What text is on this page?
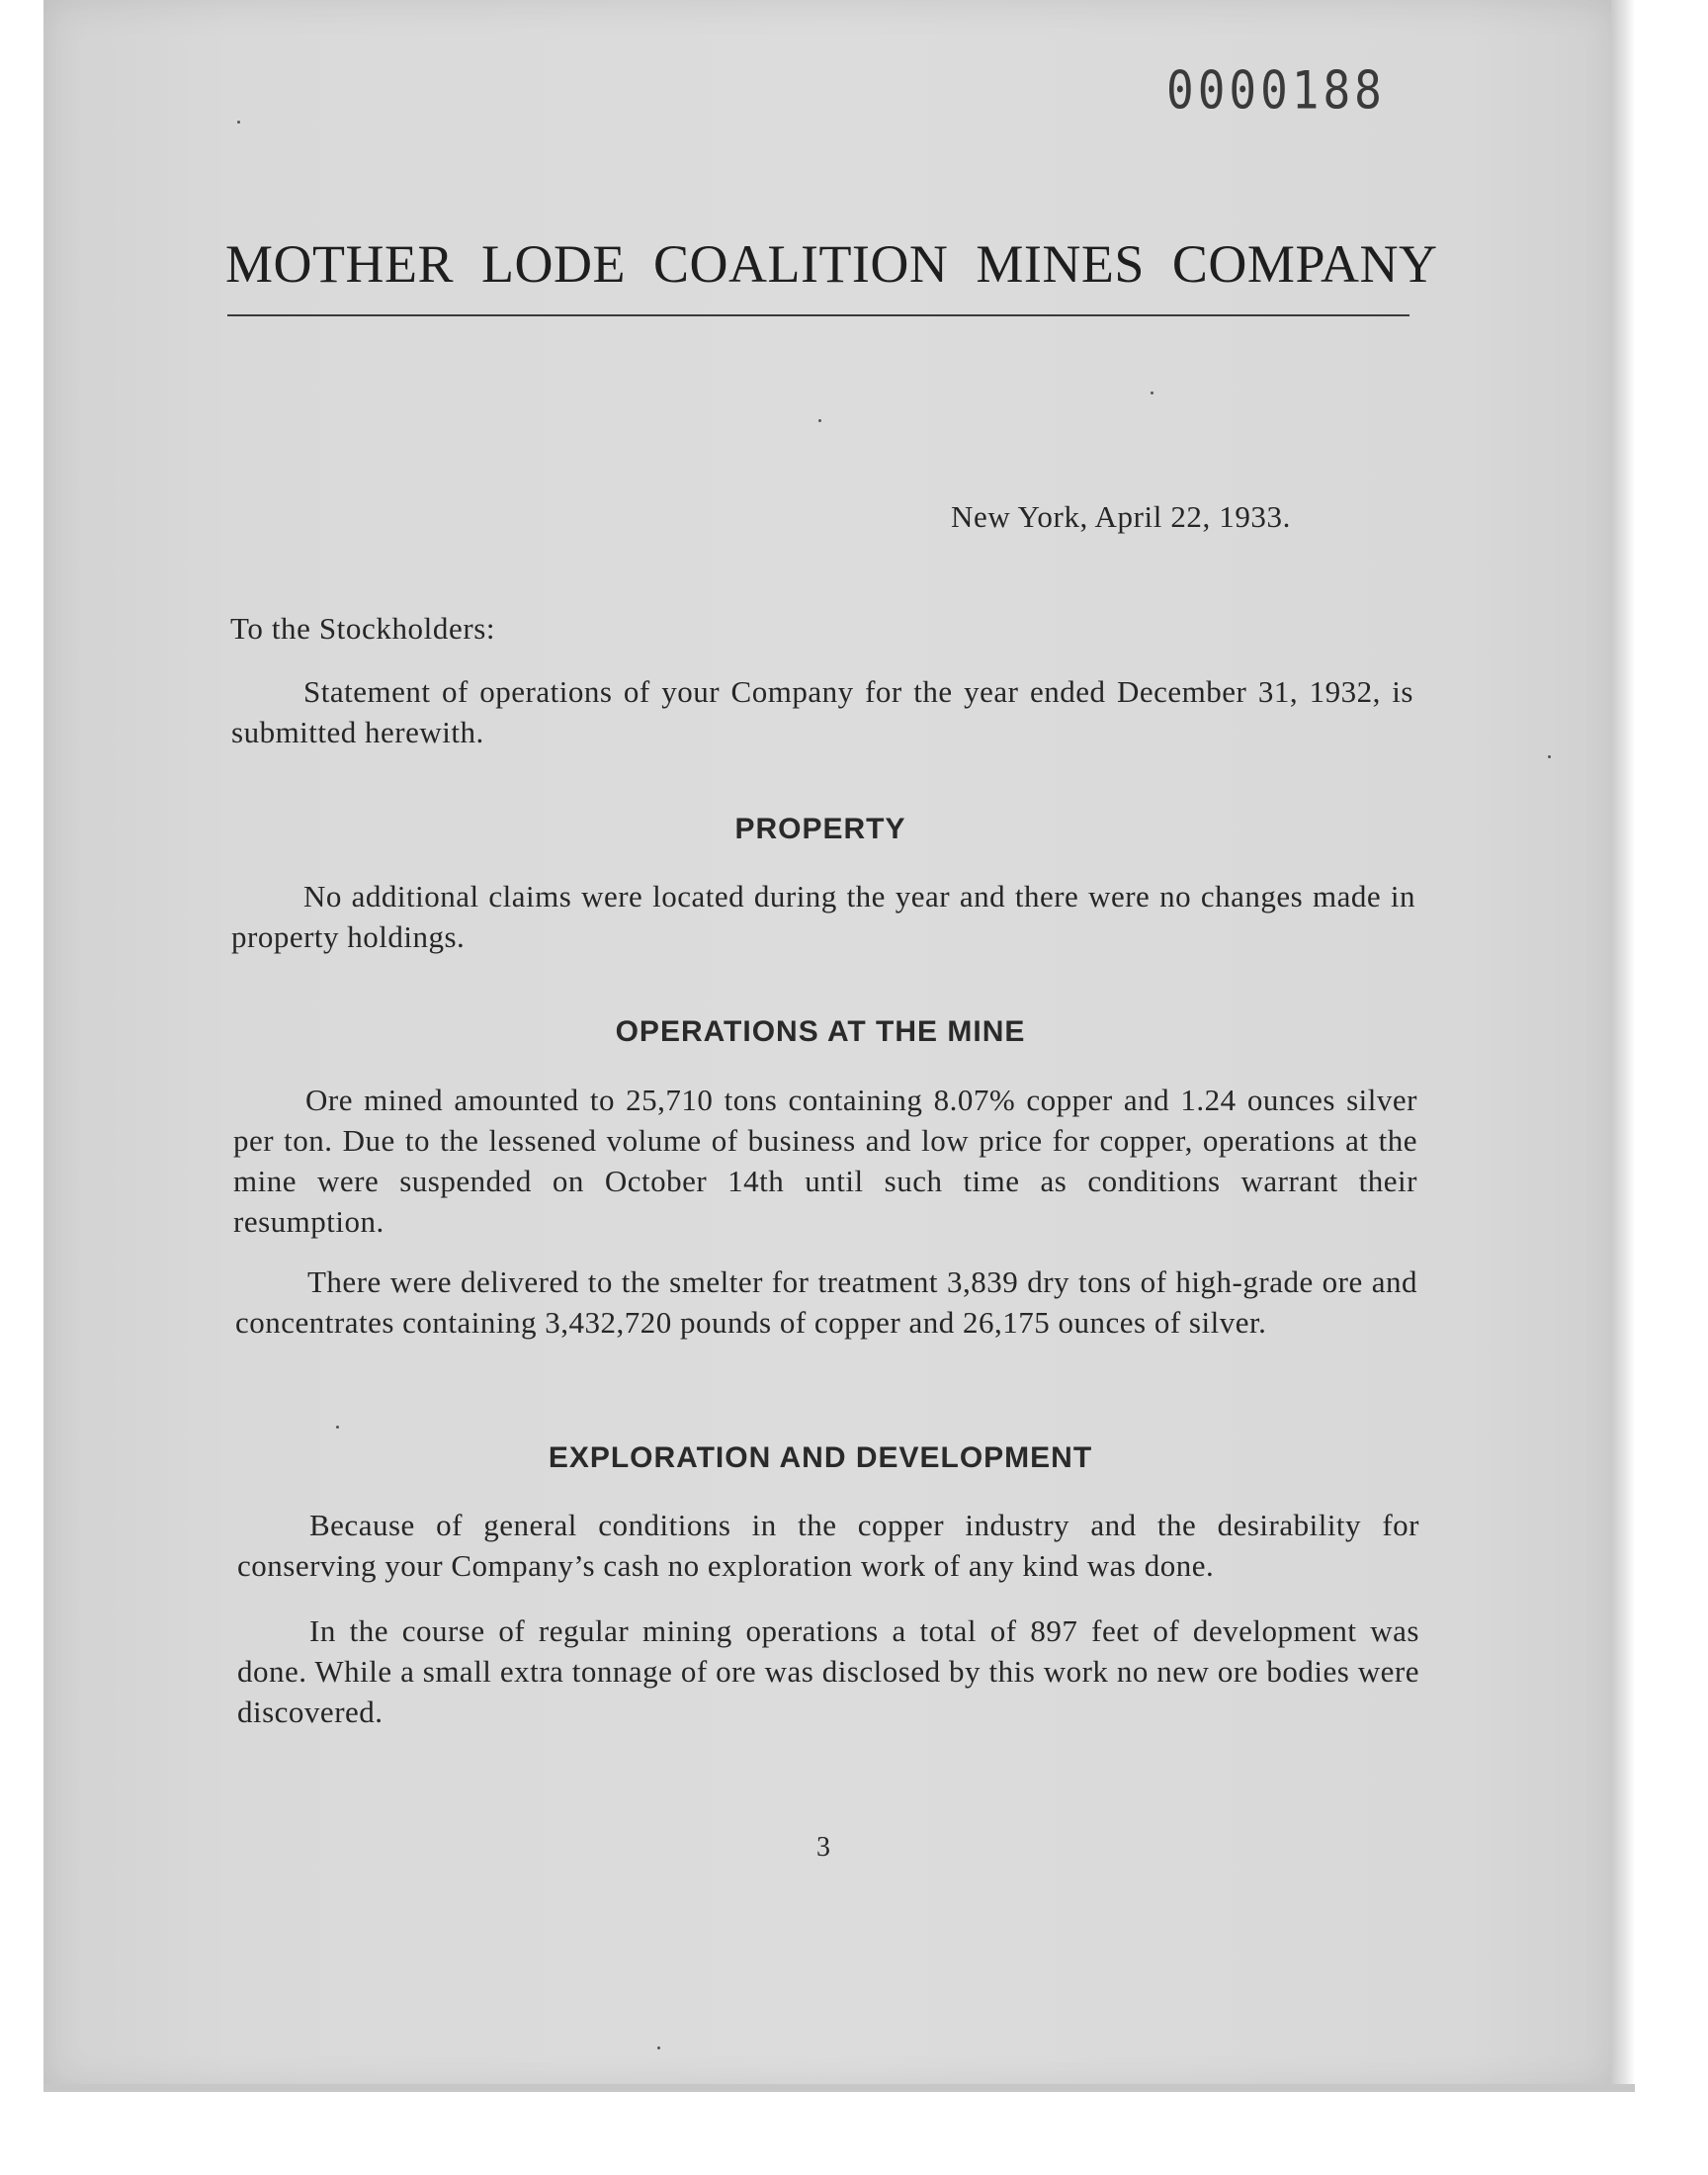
0000188
MOTHER LODE COALITION MINES COMPANY
New York, April 22, 1933.
To the Stockholders:

Statement of operations of your Company for the year ended December 31, 1932, is submitted herewith.

PROPERTY

No additional claims were located during the year and there were no changes made in property holdings.

OPERATIONS AT THE MINE

Ore mined amounted to 25,710 tons containing 8.07% copper and 1.24 ounces silver per ton. Due to the lessened volume of business and low price for copper, operations at the mine were suspended on October 14th until such time as conditions warrant their resumption.

There were delivered to the smelter for treatment 3,839 dry tons of high-grade ore and concentrates containing 3,432,720 pounds of copper and 26,175 ounces of silver.

EXPLORATION AND DEVELOPMENT

Because of general conditions in the copper industry and the desirability for conserving your Company’s cash no exploration work of any kind was done.

In the course of regular mining operations a total of 897 feet of development was done. While a small extra tonnage of ore was disclosed by this work no new ore bodies were discovered.

3
